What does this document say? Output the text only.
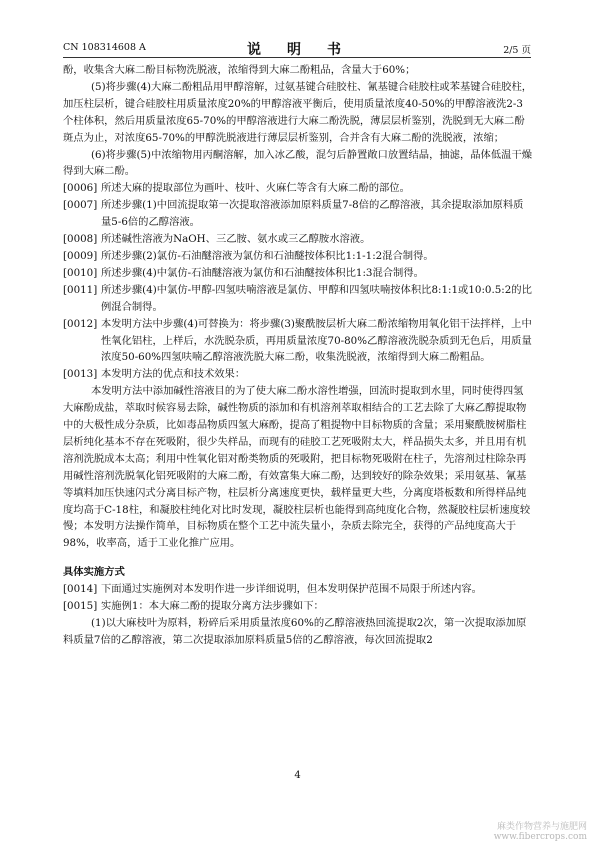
CN 108314608 A	说　明　书	2/5 页

酚，收集含大麻二酚目标物洗脱液，浓缩得到大麻二酚粗品，含量大于60%；

(5)将步骤(4)大麻二酚粗品用甲醇溶解，过氨基键合硅胶柱、氰基键合硅胶柱或苯基键合硅胶柱，加压柱层析，键合硅胶柱用质量浓度20%的甲醇溶液平衡后，使用质量浓度40-50%的甲醇溶液洗2-3个柱体积，然后用质量浓度65-70%的甲醇溶液进行大麻二酚洗脱，薄层层析鉴别，洗脱到无大麻二酚斑点为止，对浓度65-70%的甲醇洗脱液进行薄层层析鉴别，合并含有大麻二酚的洗脱液，浓缩；

(6)将步骤(5)中浓缩物用丙酮溶解，加入冰乙酸，混匀后静置敞口放置结晶，抽滤，晶体低温干燥得到大麻二酚。

[0006] 所述大麻的提取部位为画叶、枝叶、火麻仁等含有大麻二酚的部位。
[0007] 所述步骤(1)中回流提取第一次提取溶液添加原料质量7-8倍的乙醇溶液，其余提取添加原料质量5-6倍的乙醇溶液。
[0008] 所述碱性溶液为NaOH、三乙胺、氨水或三乙醇胺水溶液。
[0009] 所述步骤(2)氯仿-石油醚溶液为氯仿和石油醚按体积比1:1-1:2混合制得。
[0010] 所述步骤(4)中氯仿-石油醚溶液为氯仿和石油醚按体积比1:3混合制得。
[0011] 所述步骤(4)中氯仿-甲醇-四氢呋喃溶液是氯仿、甲醇和四氢呋喃按体积比8:1:1或10:0.5:2的比例混合制得。
[0012] 本发明方法中步骤(4)可替换为：将步骤(3)聚酰胺层析大麻二酚浓缩物用氧化铝干法拌样，上中性氧化铝柱，上样后，水洗脱杂质，再用质量浓度70-80%乙醇溶液洗脱杂质到无色后，用质量浓度50-60%四氢呋喃乙醇溶液洗脱大麻二酚，收集洗脱液，浓缩得到大麻二酚粗品。
[0013] 本发明方法的优点和技术效果：

本发明方法中添加碱性溶液目的为了使大麻二酚水溶性增强，回流时提取到水里，同时使得四氢大麻酚成盐，萃取时候容易去除，碱性物质的添加和有机溶剂萃取相结合的工艺去除了大麻乙醇提取物中的大极性成分杂质，比如毒品物质四氢大麻酚，提高了粗提物中目标物质的含量；采用聚酰胺树脂柱层析纯化基本不存在死吸附，很少失样品，而现有的硅胶工艺死吸附太大，样品损失太多，并且用有机溶剂洗脱成本太高；利用中性氧化铝对酚类物质的死吸附，把目标物死吸附在柱子，先溶剂过柱除杂再用碱性溶剂洗脱氧化铝死吸附的大麻二酚，有效富集大麻二酚，达到较好的除杂效果；采用氨基、氰基等填料加压快速闪式分离目标产物，柱层析分离速度更快，载样量更大些，分离度塔板数和所得样品纯度均高于C-18柱，和凝胶柱纯化对比时发现，凝胶柱层析也能得到高纯度化合物，然凝胶柱层析速度较慢；本发明方法操作简单，目标物质在整个工艺中流失量小，杂质去除完全，获得的产品纯度高大于98%，收率高，适于工业化推广应用。

具体实施方式

[0014] 下面通过实施例对本发明作进一步详细说明，但本发明保护范围不局限于所述内容。
[0015] 实施例1：本大麻二酚的提取分离方法步骤如下：

(1)以大麻枝叶为原料，粉碎后采用质量浓度60%的乙醇溶液热回流提取2次，第一次提取添加原料质量7倍的乙醇溶液，第二次提取添加原料质量5倍的乙醇溶液，每次回流提取2

4
麻类作物营养与施肥网
www.fibercrops.com
